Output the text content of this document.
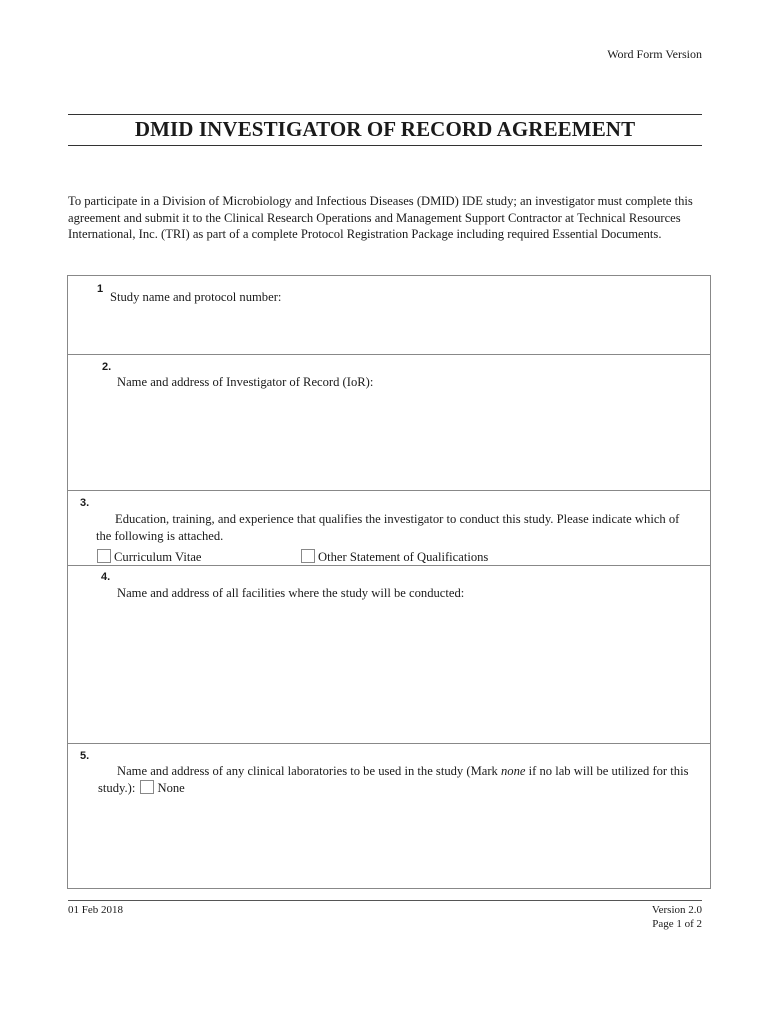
Word Form Version
DMID INVESTIGATOR OF RECORD AGREEMENT
To participate in a Division of Microbiology and Infectious Diseases (DMID) IDE study; an investigator must complete this agreement and submit it to the Clinical Research Operations and Management Support Contractor at Technical Resources International, Inc. (TRI) as part of a complete Protocol Registration Package including required Essential Documents.
1
Study name and protocol number:
2.
Name and address of Investigator of Record (IoR):
3.
Education, training, and experience that qualifies the investigator to conduct this study. Please indicate which of the following is attached.
Curriculum Vitae	Other Statement of Qualifications
4.
Name and address of all facilities where the study will be conducted:
5.
Name and address of any clinical laboratories to be used in the study (Mark none if no lab will be utilized for this study.): None
01 Feb 2018	Version 2.0
Page 1 of 2
